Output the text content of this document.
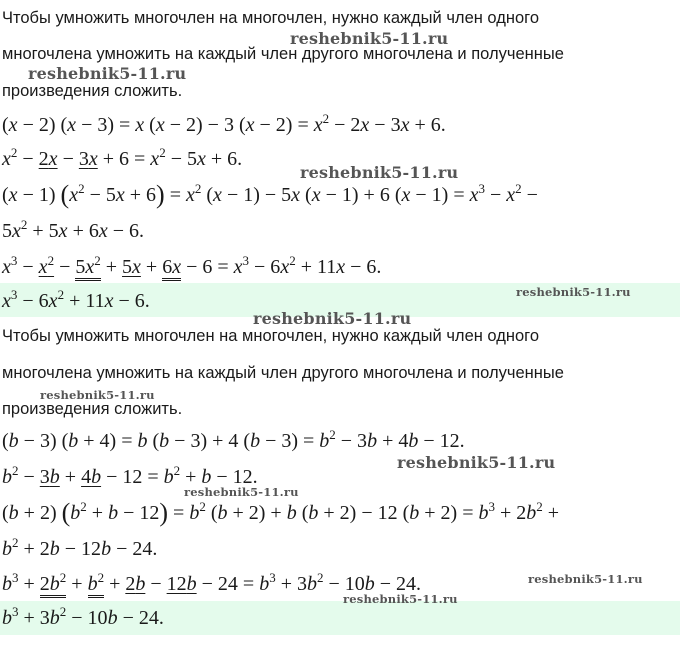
Чтобы умножить многочлен на многочлен, нужно каждый член одного
многочлена умножить на каждый член другого многочлена и полученные
произведения сложить.
(x − 2) (x − 3) = x (x − 2) − 3 $(x - 2) = x^2 - 2x - 3x + 6$.
$x^2 - 2x - 3x + 6 = x^2 - 5x + 6$.
(x − 1) $(x^2 - 5x + 6) = x^2$ (x − 1) − 5x (x − 1) + 6 $(x - 1) = x^3 - x^2$ −
$5x^2 + 5x + 6x - 6$.
$x^3 - x^2 - 5x^2 + 5x + 6x - 6 = x^3 - 6x^2 + 11x - 6$.
$x^3 - 6x^2 + 11x - 6$.
Чтобы умножить многочлен на многочлен, нужно каждый член одного
многочлена умножить на каждый член другого многочлена и полученные
произведения сложить.
(b − 3) (b + 4) = b (b − 3) + 4 $(b - 3) = b^2 - 3b + 4b - 12$.
$b^2 - 3b + 4b - 12 = b^2 + b - 12$.
(b + 2) $(b^2 + b - 12) = b^2$ (b + 2) + b (b + 2) − 12 $(b + 2) = b^3 + 2b^2$ +
$b^2 + 2b - 12b - 24$.
$b^3 + 2b^2 + b^2 + 2b - 12b - 24 = b^3 + 3b^2 - 10b - 24$.
$b^3 + 3b^2 - 10b - 24$.
reshebnik5-11.ru
reshebnik5-11.ru
reshebnik5-11.ru
reshebnik5-11.ru
reshebnik5-11.ru
reshebnik5-11.ru
reshebnik5-11.ru
reshebnik5-11.ru
reshebnik5-11.ru
reshebnik5-11.ru
